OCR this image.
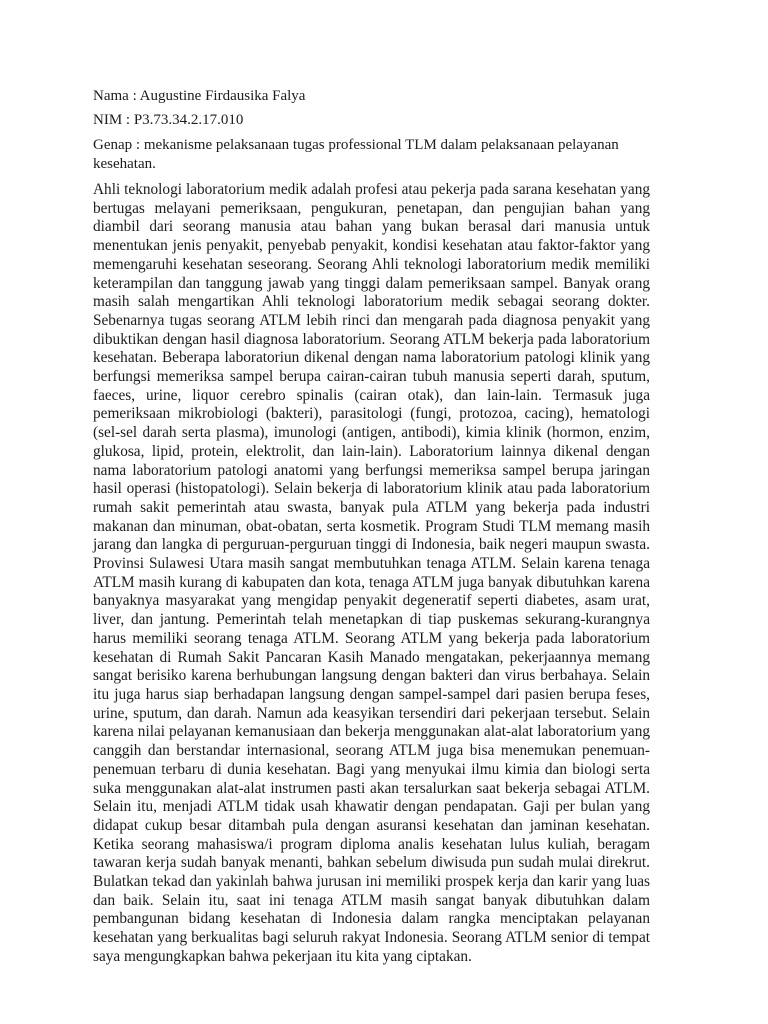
Nama : Augustine Firdausika Falya

NIM : P3.73.34.2.17.010

Genap : mekanisme pelaksanaan tugas professional TLM dalam pelaksanaan pelayanan kesehatan.

Ahli teknologi laboratorium medik adalah profesi atau pekerja pada sarana kesehatan yang bertugas melayani pemeriksaan, pengukuran, penetapan, dan pengujian bahan yang diambil dari seorang manusia atau bahan yang bukan berasal dari manusia untuk menentukan jenis penyakit, penyebab penyakit, kondisi kesehatan atau faktor-faktor yang memengaruhi kesehatan seseorang. Seorang Ahli teknologi laboratorium medik memiliki keterampilan dan tanggung jawab yang tinggi dalam pemeriksaan sampel. Banyak orang masih salah mengartikan Ahli teknologi laboratorium medik sebagai seorang dokter. Sebenarnya tugas seorang ATLM lebih rinci dan mengarah pada diagnosa penyakit yang dibuktikan dengan hasil diagnosa laboratorium. Seorang ATLM bekerja pada laboratorium kesehatan. Beberapa laboratoriun dikenal dengan nama laboratorium patologi klinik yang berfungsi memeriksa sampel berupa cairan-cairan tubuh manusia seperti darah, sputum, faeces, urine, liquor cerebro spinalis (cairan otak), dan lain-lain. Termasuk juga pemeriksaan mikrobiologi (bakteri), parasitologi (fungi, protozoa, cacing), hematologi (sel-sel darah serta plasma), imunologi (antigen, antibodi), kimia klinik (hormon, enzim, glukosa, lipid, protein, elektrolit, dan lain-lain). Laboratorium lainnya dikenal dengan nama laboratorium patologi anatomi yang berfungsi memeriksa sampel berupa jaringan hasil operasi (histopatologi). Selain bekerja di laboratorium klinik atau pada laboratorium rumah sakit pemerintah atau swasta, banyak pula ATLM yang bekerja pada industri makanan dan minuman, obat-obatan, serta kosmetik. Program Studi TLM memang masih jarang dan langka di perguruan-perguruan tinggi di Indonesia, baik negeri maupun swasta. Provinsi Sulawesi Utara masih sangat membutuhkan tenaga ATLM. Selain karena tenaga ATLM masih kurang di kabupaten dan kota, tenaga ATLM juga banyak dibutuhkan karena banyaknya masyarakat yang mengidap penyakit degeneratif seperti diabetes, asam urat, liver, dan jantung. Pemerintah telah menetapkan di tiap puskemas sekurang-kurangnya harus memiliki seorang tenaga ATLM. Seorang ATLM yang bekerja pada laboratorium kesehatan di Rumah Sakit Pancaran Kasih Manado mengatakan, pekerjaannya memang sangat berisiko karena berhubungan langsung dengan bakteri dan virus berbahaya. Selain itu juga harus siap berhadapan langsung dengan sampel-sampel dari pasien berupa feses, urine, sputum, dan darah. Namun ada keasyikan tersendiri dari pekerjaan tersebut. Selain karena nilai pelayanan kemanusiaan dan bekerja menggunakan alat-alat laboratorium yang canggih dan berstandar internasional, seorang ATLM juga bisa menemukan penemuan-penemuan terbaru di dunia kesehatan. Bagi yang menyukai ilmu kimia dan biologi serta suka menggunakan alat-alat instrumen pasti akan tersalurkan saat bekerja sebagai ATLM. Selain itu, menjadi ATLM tidak usah khawatir dengan pendapatan. Gaji per bulan yang didapat cukup besar ditambah pula dengan asuransi kesehatan dan jaminan kesehatan. Ketika seorang mahasiswa/i program diploma analis kesehatan lulus kuliah, beragam tawaran kerja sudah banyak menanti, bahkan sebelum diwisuda pun sudah mulai direkrut. Bulatkan tekad dan yakinlah bahwa jurusan ini memiliki prospek kerja dan karir yang luas dan baik. Selain itu, saat ini tenaga ATLM masih sangat banyak dibutuhkan dalam pembangunan bidang kesehatan di Indonesia dalam rangka menciptakan pelayanan kesehatan yang berkualitas bagi seluruh rakyat Indonesia. Seorang ATLM senior di tempat saya mengungkapkan bahwa pekerjaan itu kita yang ciptakan.
